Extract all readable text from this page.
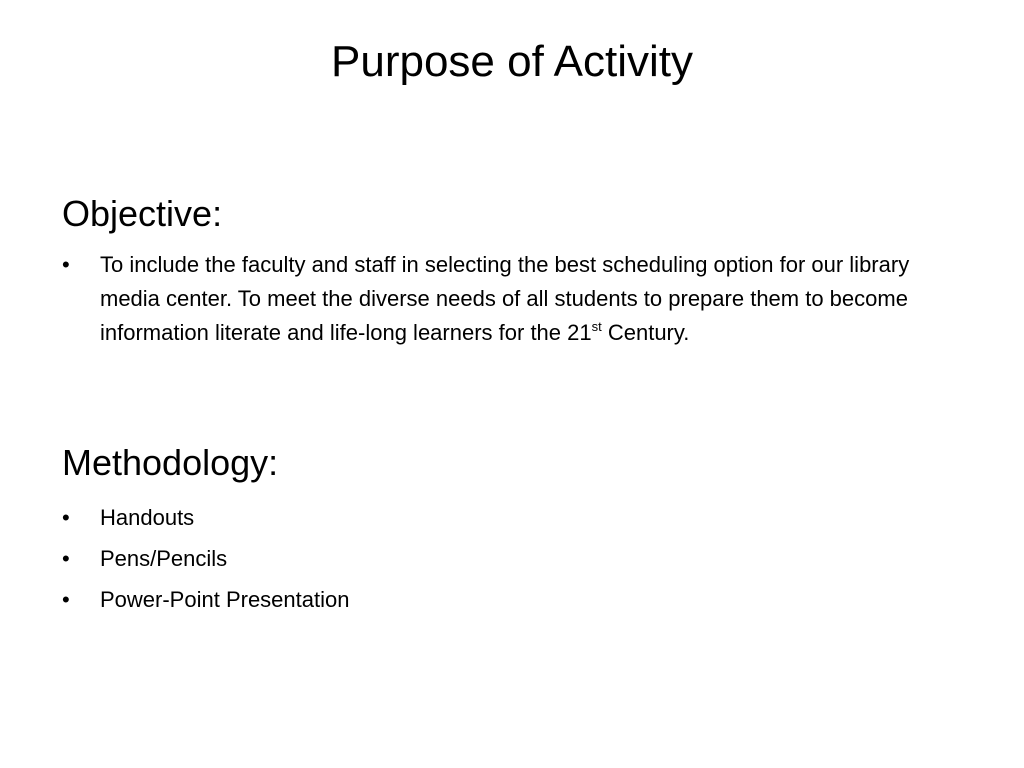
Purpose of Activity
Objective:
•	To include the faculty and staff in selecting the best scheduling option for our library media center. To meet the diverse needs of all students to prepare them to become information literate and life-long learners for the 21st Century.
Methodology:
•	Handouts
•	Pens/Pencils
•	Power-Point Presentation
